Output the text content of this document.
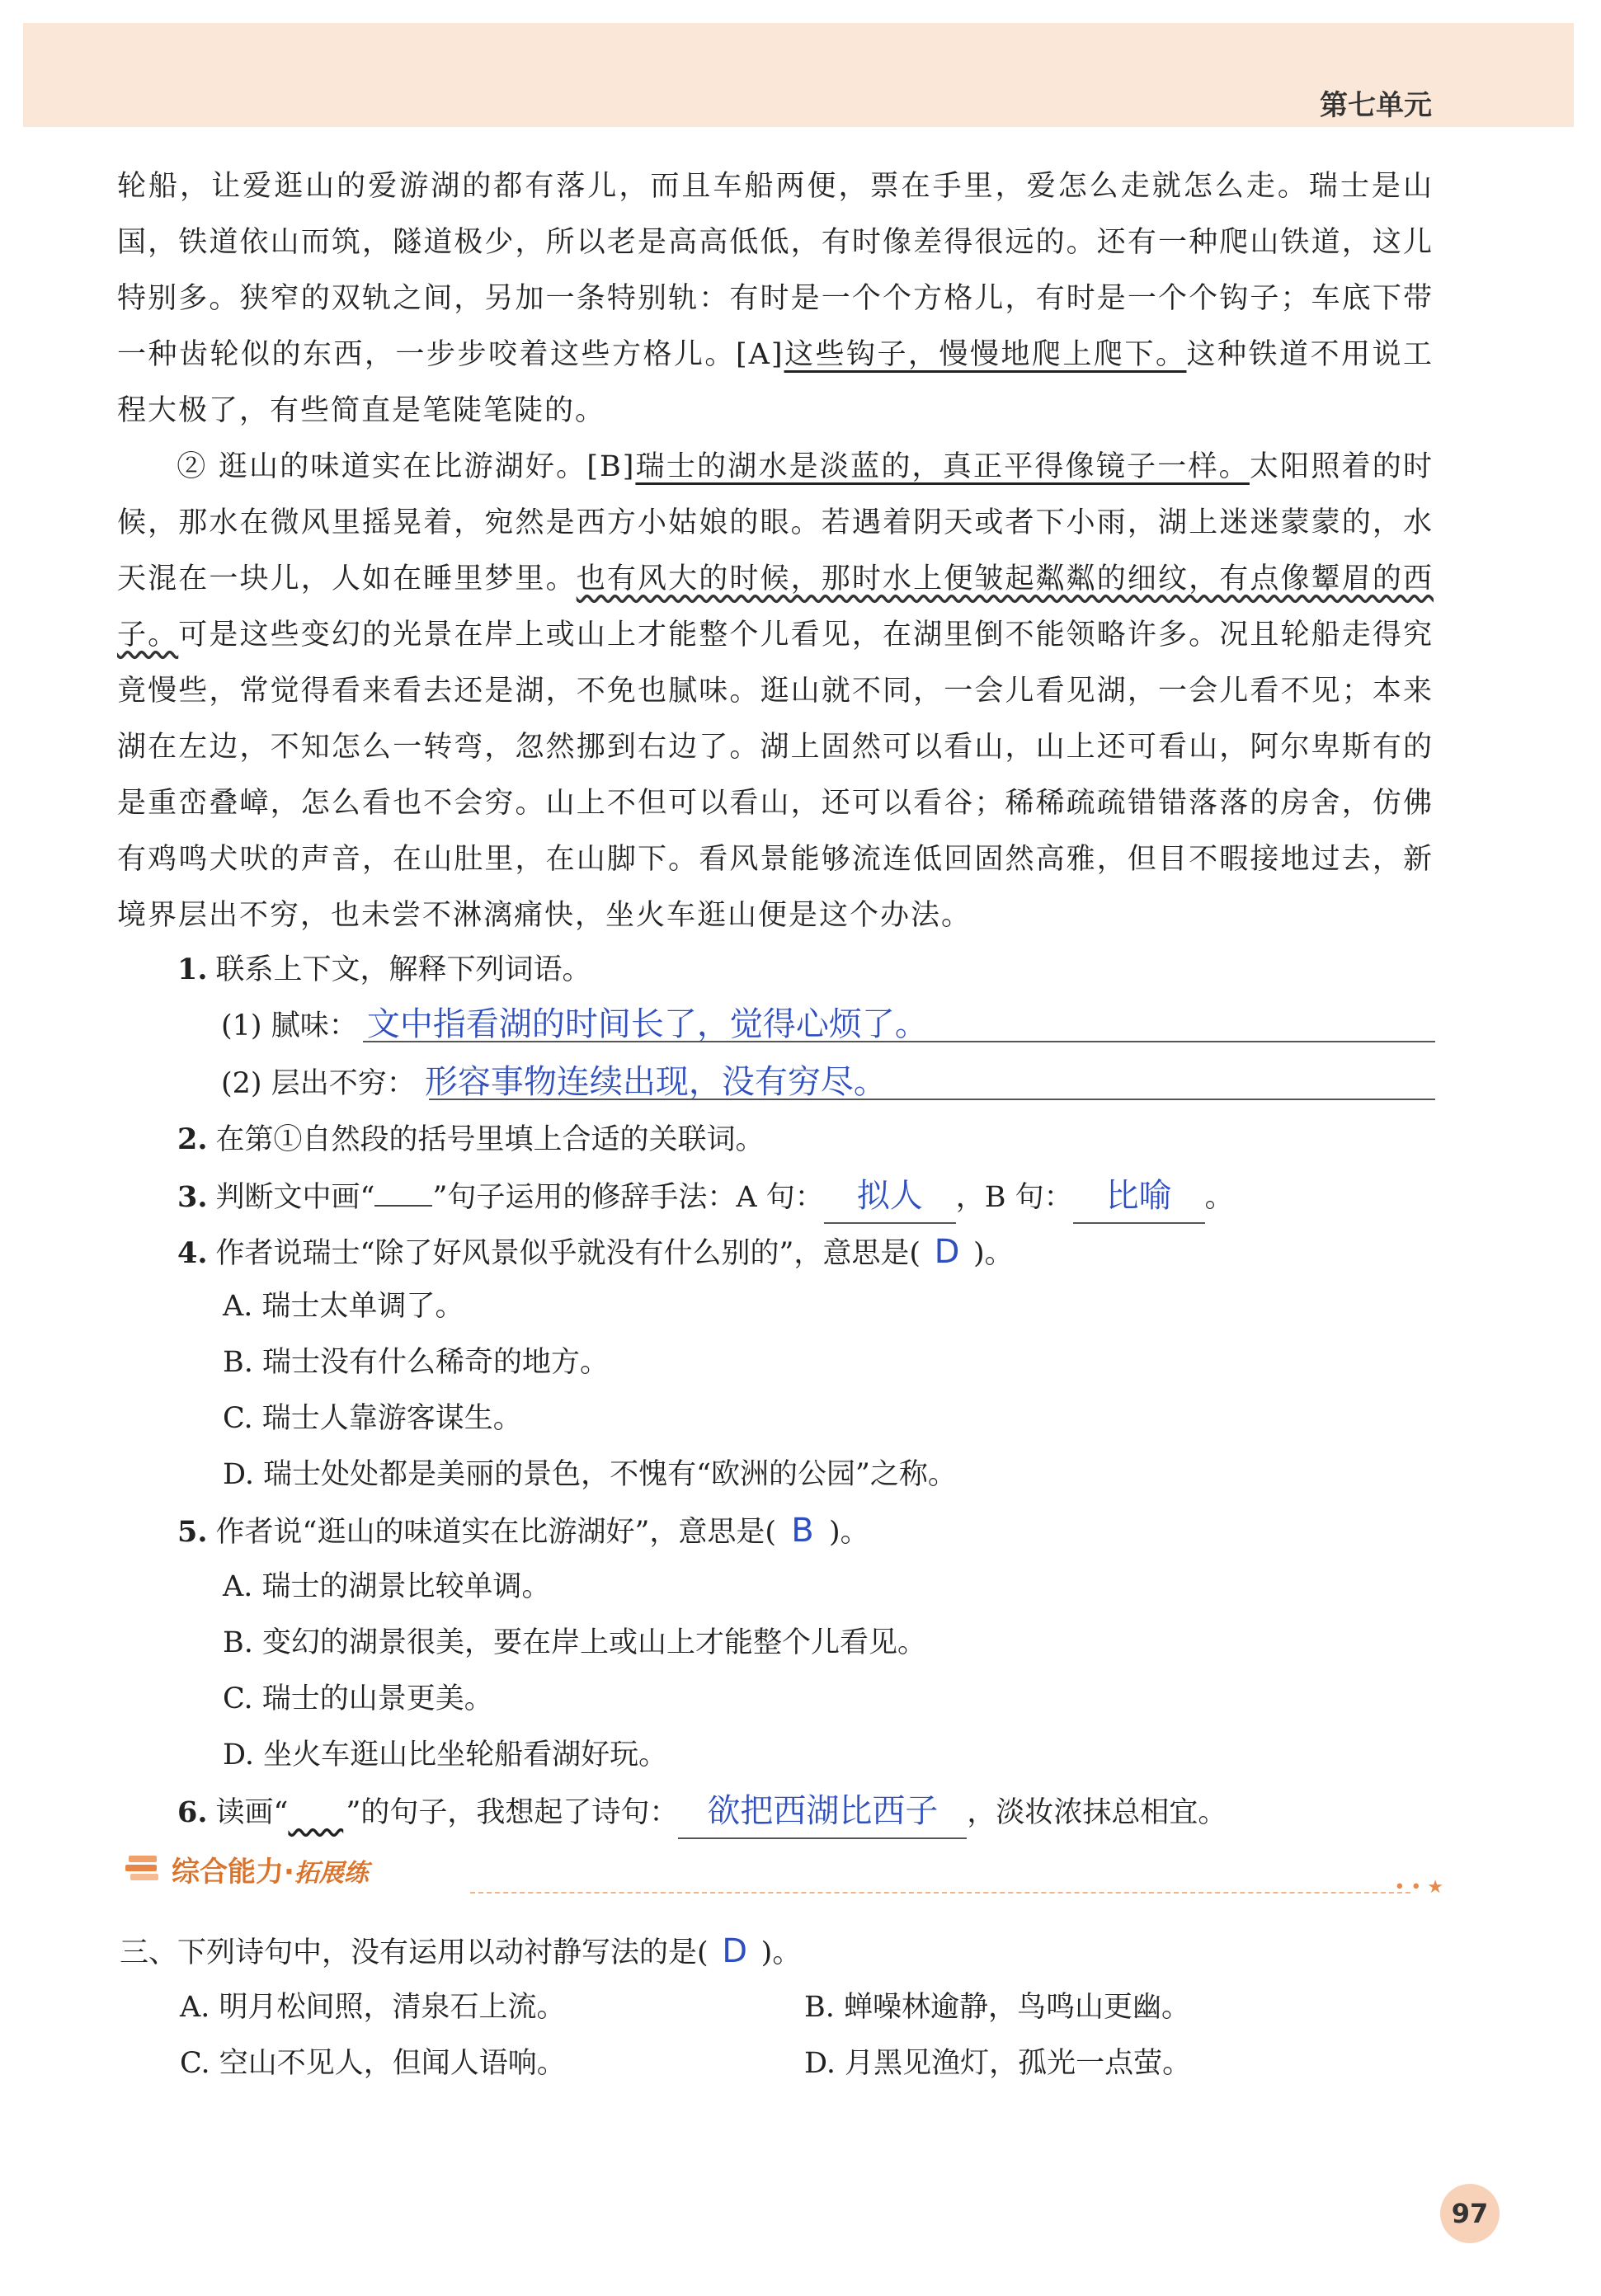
第七单元
轮船，让爱逛山的爱游湖的都有落儿，而且车船两便，票在手里，爱怎么走就怎么走。瑞士是山国，铁道依山而筑，隧道极少，所以老是高高低低，有时像差得很远的。还有一种爬山铁道，这儿特别多。狭窄的双轨之间，另加一条特别轨：有时是一个个方格儿，有时是一个个钩子；车底下带一种齿轮似的东西，一步步咬着这些方格儿。[A]这些钩子，慢慢地爬上爬下。这种铁道不用说工程大极了，有些简直是笔陡笔陡的。
② 逛山的味道实在比游湖好。[B]瑞士的湖水是淡蓝的，真正平得像镜子一样。太阳照着的时候，那水在微风里摇晃着，宛然是西方小姑娘的眼。若遇着阴天或者下小雨，湖上迷迷蒙蒙的，水天混在一块儿，人如在睡里梦里。也有风大的时候，那时水上便皱起粼粼的细纹，有点像颦眉的西子。可是这些变幻的光景在岸上或山上才能整个儿看见，在湖里倒不能领略许多。况且轮船走得究竟慢些，常觉得看来看去还是湖，不免也腻味。逛山就不同，一会儿看见湖，一会儿看不见；本来湖在左边，不知怎么一转弯，忽然挪到右边了。湖上固然可以看山，山上还可看山，阿尔卑斯有的是重峦叠嶂，怎么看也不会穷。山上不但可以看山，还可以看谷；稀稀疏疏错错落落的房舍，仿佛有鸡鸣犬吠的声音，在山肚里，在山脚下。看风景能够流连低回固然高雅，但目不暇接地过去，新境界层出不穷，也未尝不淋漓痛快，坐火车逛山便是这个办法。
1. 联系上下文，解释下列词语。
(1) 腻味： 文中指看湖的时间长了，觉得心烦了。
(2) 层出不穷： 形容事物连续出现，没有穷尽。
2. 在第①自然段的括号里填上合适的关联词。
3. 判断文中画“ ”句子运用的修辞手法：A 句： 拟人 ，B 句： 比喻 。
4. 作者说瑞士“除了好风景似乎就没有什么别的”，意思是( D )。
A. 瑞士太单调了。
B. 瑞士没有什么稀奇的地方。
C. 瑞士人靠游客谋生。
D. 瑞士处处都是美丽的景色，不愧有“欧洲的公园”之称。
5. 作者说“逛山的味道实在比游湖好”，意思是( B )。
A. 瑞士的湖景比较单调。
B. 变幻的湖景很美，要在岸上或山上才能整个儿看见。
C. 瑞士的山景更美。
D. 坐火车逛山比坐轮船看湖好玩。
6. 读画“​      ”的句子，我想起了诗句： 欲把西湖比西子 ，淡妆浓抹总相宜。
综合能力·拓展练	• • ★
三、下列诗句中，没有运用以动衬静写法的是( D )。
A. 明月松间照，清泉石上流。	B. 蝉噪林逾静，鸟鸣山更幽。
C. 空山不见人，但闻人语响。	D. 月黑见渔灯，孤光一点萤。
97
